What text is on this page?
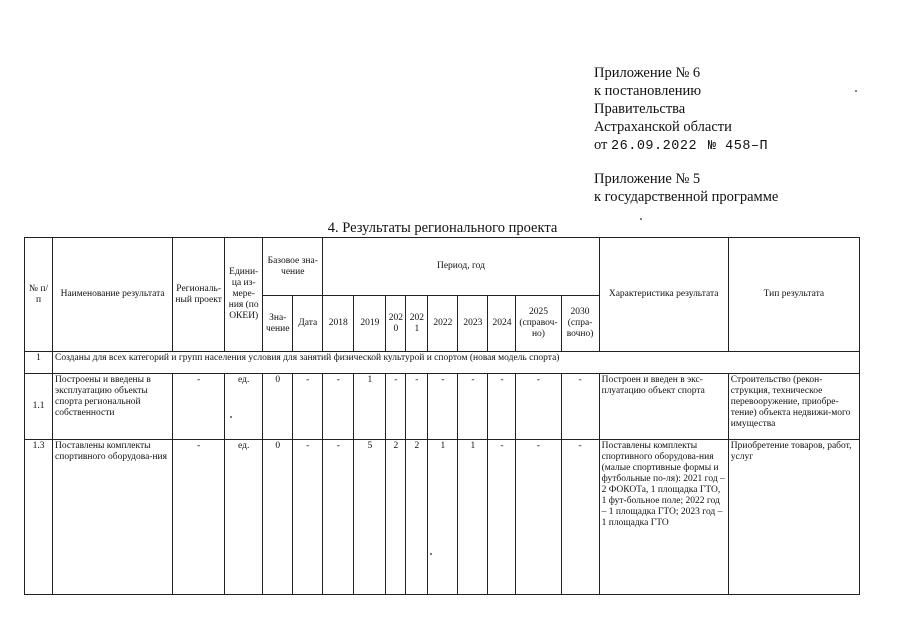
Приложение № 6
к постановлению
Правительства
Астраханской области
от 26.09.2022 № 458–П
Приложение № 5
к государственной программе
4. Результаты регионального проекта
№ п/п	Наименование результата	Региональ-ный проект	Едини-ца из-мере-ния (по ОКЕИ)	Базовое зна-чение		Период, год									Характеристика результата	Тип результата
				Зна-чение	Дата	2018	2019	2020	2021	2022	2023	2024	2025 (справоч-но)	2030 (спра-вочно)		
1	Созданы для всех категорий и групп населения условия для занятий физической культурой и спортом (новая модель спорта)															
1.1	Построены и введены в эксплуатацию объекты спорта региональной собственности	-	ед.	0	-	-	1	-	-	-	-	-	-	-	Построен и введен в экс-плуатацию объект спорта	Строительство (рекон-струкция, техническое перевооружение, приобре-тение) объекта недвижи-мого имущества
1.3	Поставлены комплекты спортивного оборудова-ния	-	ед.	0	-	-	5	2	2	1	1	-	-	-	Поставлены комплекты спортивного оборудова-ния (малые спортивные формы и футбольные по-ля): 2021 год – 2 ФОКОТа, 1 площадка ГТО, 1 фут-больное поле; 2022 год – 1 площадка ГТО; 2023 год – 1 площадка ГТО	Приобретение товаров, работ, услуг
